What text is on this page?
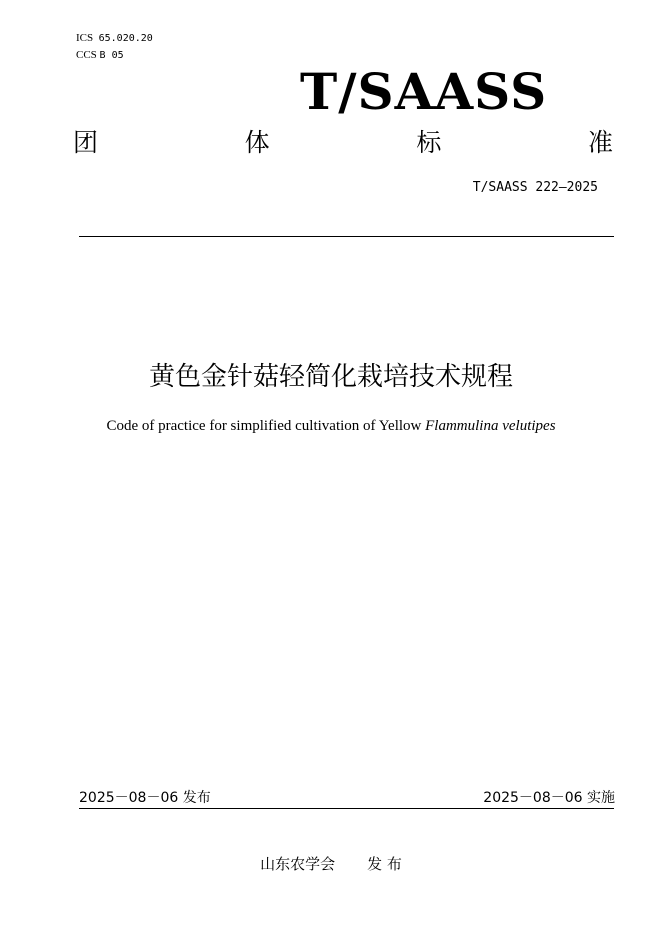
ICS 65.020.20
CCS B 05
T/SAASS
团	体	标	准
T/SAASS 222—2025
黄色金针菇轻简化栽培技术规程
Code of practice for simplified cultivation of Yellow Flammulina velutipes
2025－08－06 发布	2025－08－06 实施
山东农学会 发 布
